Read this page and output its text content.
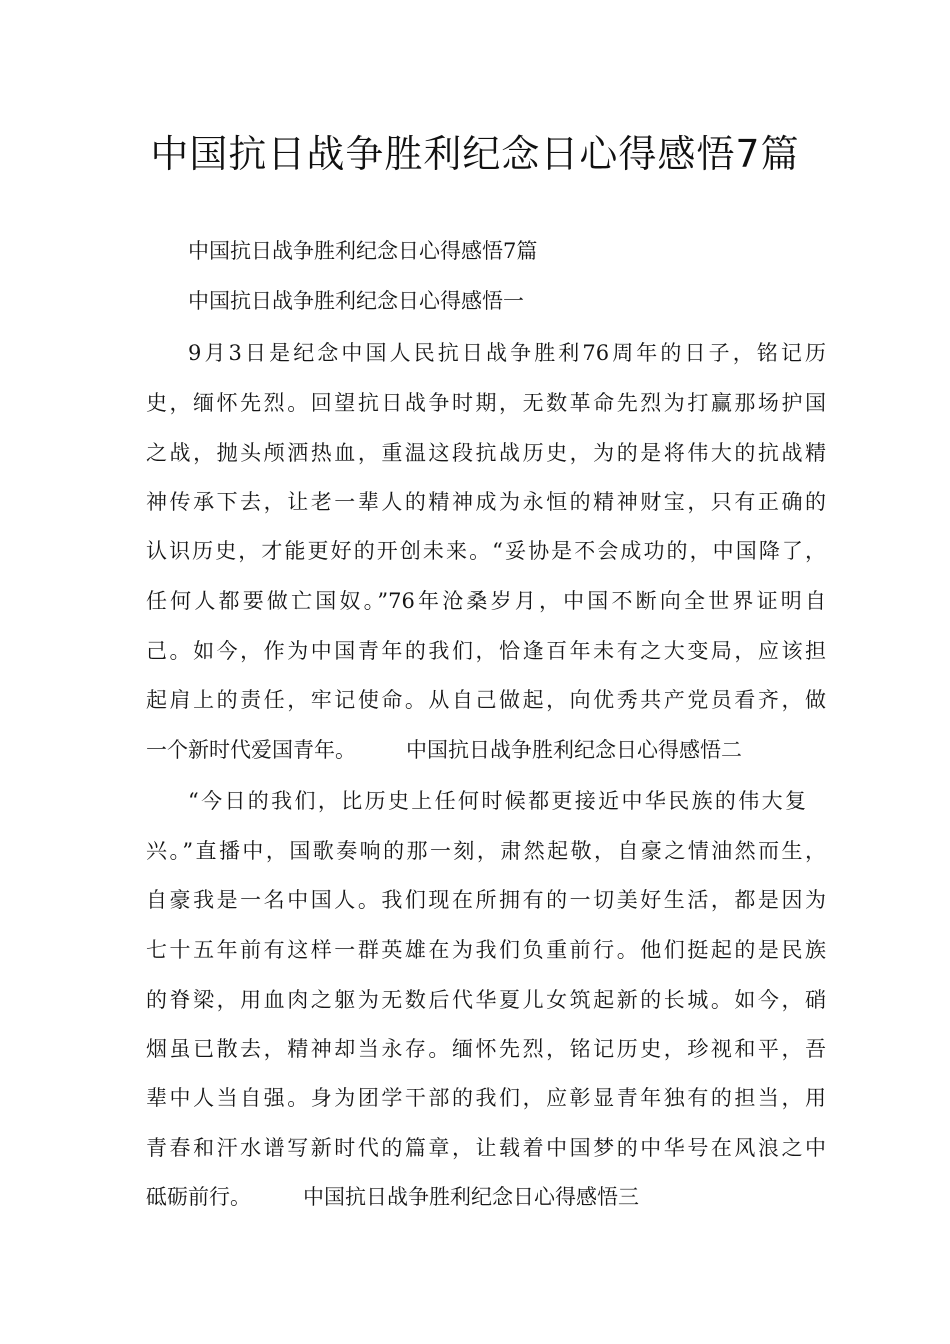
中国抗日战争胜利纪念日心得感悟7篇
中国抗日战争胜利纪念日心得感悟7篇
中国抗日战争胜利纪念日心得感悟一
9月3日是纪念中国人民抗日战争胜利76周年的日子，铭记历
史，缅怀先烈。回望抗日战争时期，无数革命先烈为打赢那场护国
之战，抛头颅洒热血，重温这段抗战历史，为的是将伟大的抗战精
神传承下去，让老一辈人的精神成为永恒的精神财宝，只有正确的
认识历史，才能更好的开创未来。“妥协是不会成功的，中国降了，
任何人都要做亡国奴。”76年沧桑岁月，中国不断向全世界证明自
己。如今，作为中国青年的我们，恰逢百年未有之大变局，应该担
起肩上的责任，牢记使命。从自己做起，向优秀共产党员看齐，做
一个新时代爱国青年。 中国抗日战争胜利纪念日心得感悟二
“今日的我们，比历史上任何时候都更接近中华民族的伟大复
兴。”直播中，国歌奏响的那一刻，肃然起敬，自豪之情油然而生，
自豪我是一名中国人。我们现在所拥有的一切美好生活，都是因为
七十五年前有这样一群英雄在为我们负重前行。他们挺起的是民族
的脊梁，用血肉之躯为无数后代华夏儿女筑起新的长城。如今，硝
烟虽已散去，精神却当永存。缅怀先烈，铭记历史，珍视和平，吾
辈中人当自强。身为团学干部的我们，应彰显青年独有的担当，用
青春和汗水谱写新时代的篇章，让载着中国梦的中华号在风浪之中
砥砺前行。 中国抗日战争胜利纪念日心得感悟三
